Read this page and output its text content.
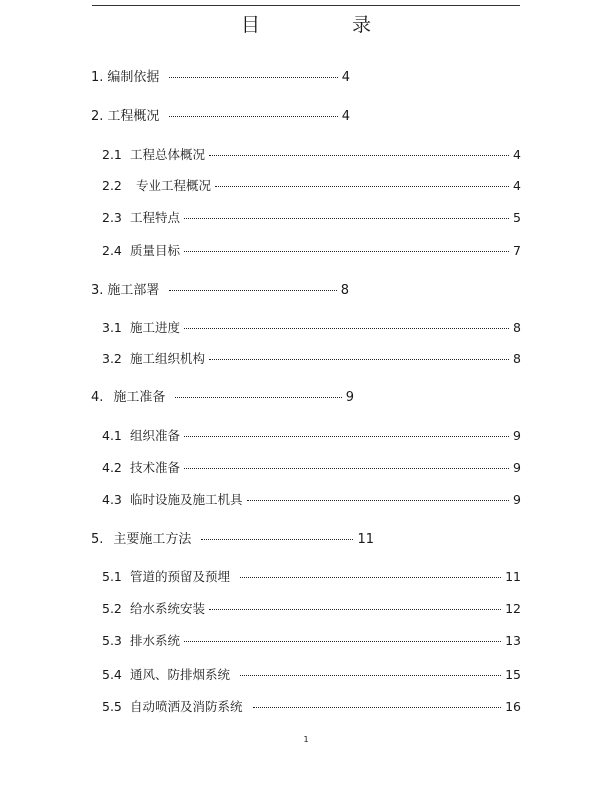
目	录
1. 编制依据	4
2. 工程概况	4
2.1 工程总体概况	4
2.2	专业工程概况	4
2.3 工程特点	5
2.4 质量目标	7
3. 施工部署	8
3.1 施工进度	8
3.2 施工组织机构	8
4. 施工准备	9
4.1 组织准备	9
4.2 技术准备	9
4.3 临时设施及施工机具	9
5. 主要施工方法	11
5.1 管道的预留及预埋	11
5.2 给水系统安装	12
5.3 排水系统	13
5.4 通风、防排烟系统	15
5.5 自动喷洒及消防系统	16
1
